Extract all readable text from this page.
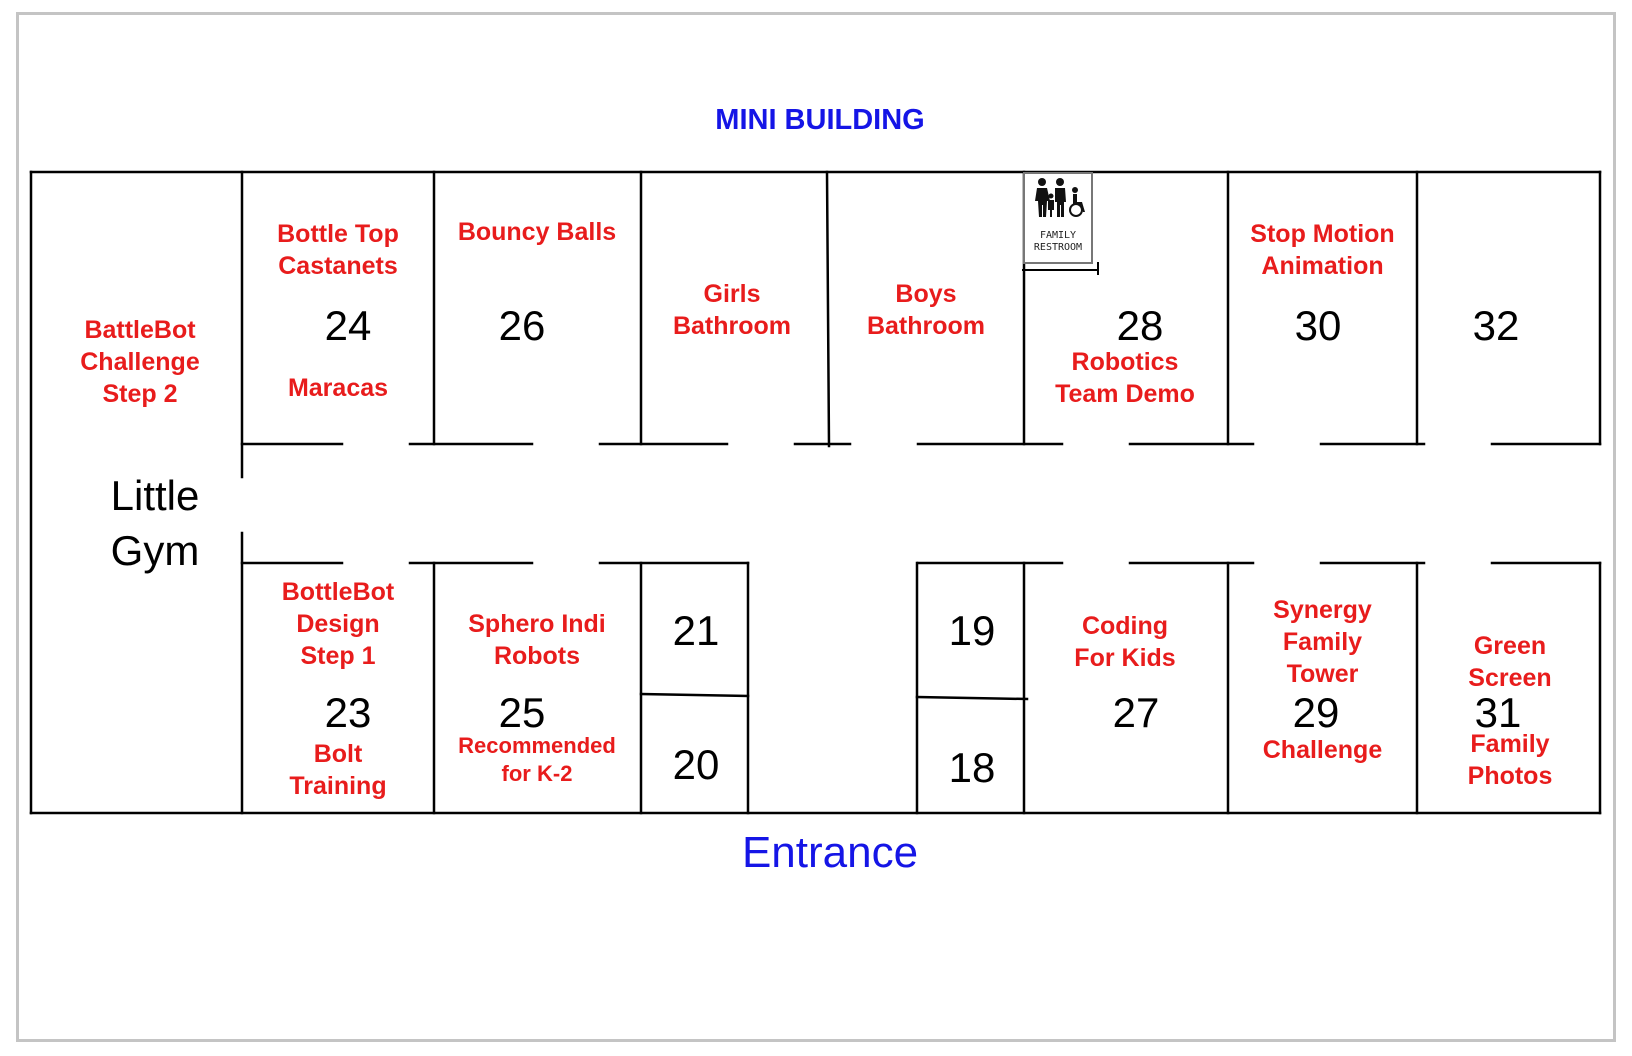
MINI BUILDING
Entrance
Little
Gym
FAMILY
RESTROOM
BattleBot
Challenge
Step 2
Bottle Top
Castanets
24
Maracas
Bouncy Balls
26
Girls
Bathroom
Boys
Bathroom	28
Robotics
Team Demo
Stop Motion
Animation
30	32
BottleBot
Design
Step 1
23
Bolt
Training
Sphero Indi
Robots
25
Recommended
for K-2
21
20
19
18
Coding
For Kids
27
Synergy
Family
Tower
29
Challenge
Green
Screen
31
Family
Photos
